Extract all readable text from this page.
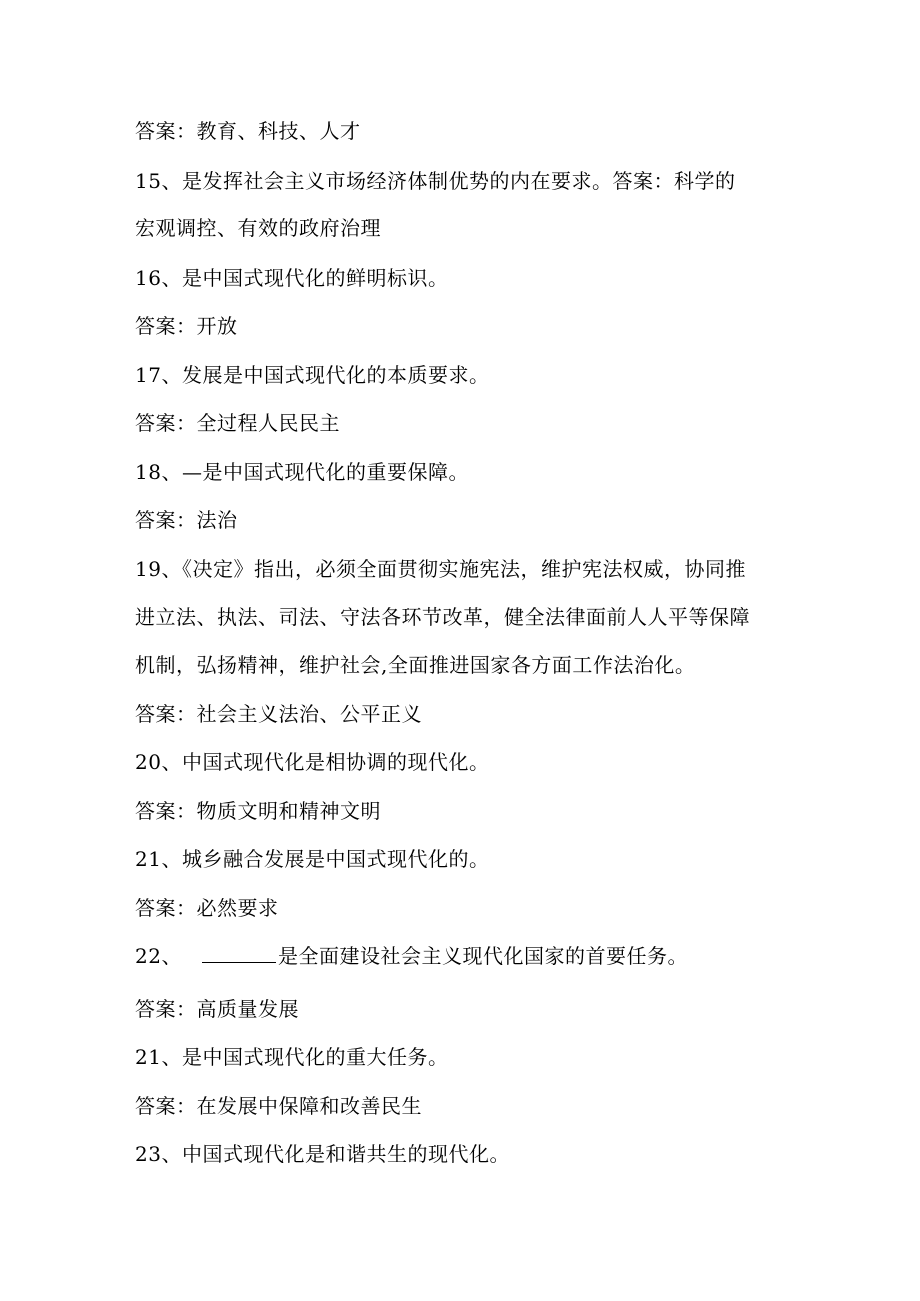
答案：教育、科技、人才
15、是发挥社会主义市场经济体制优势的内在要求。答案：科学的
宏观调控、有效的政府治理
16、是中国式现代化的鲜明标识。
答案：开放
17、发展是中国式现代化的本质要求。
答案：全过程人民民主
18、—是中国式现代化的重要保障。
答案：法治
19、《决定》指出，必须全面贯彻实施宪法，维护宪法权威，协同推
进立法、执法、司法、守法各环节改革，健全法律面前人人平等保障
机制，弘扬精神，维护社会,全面推进国家各方面工作法治化。
答案：社会主义法治、公平正义
20、中国式现代化是相协调的现代化。
答案：物质文明和精神文明
21、城乡融合发展是中国式现代化的。
答案：必然要求
22、	是全面建设社会主义现代化国家的首要任务。
答案：高质量发展
21、是中国式现代化的重大任务。
答案：在发展中保障和改善民生
23、中国式现代化是和谐共生的现代化。
